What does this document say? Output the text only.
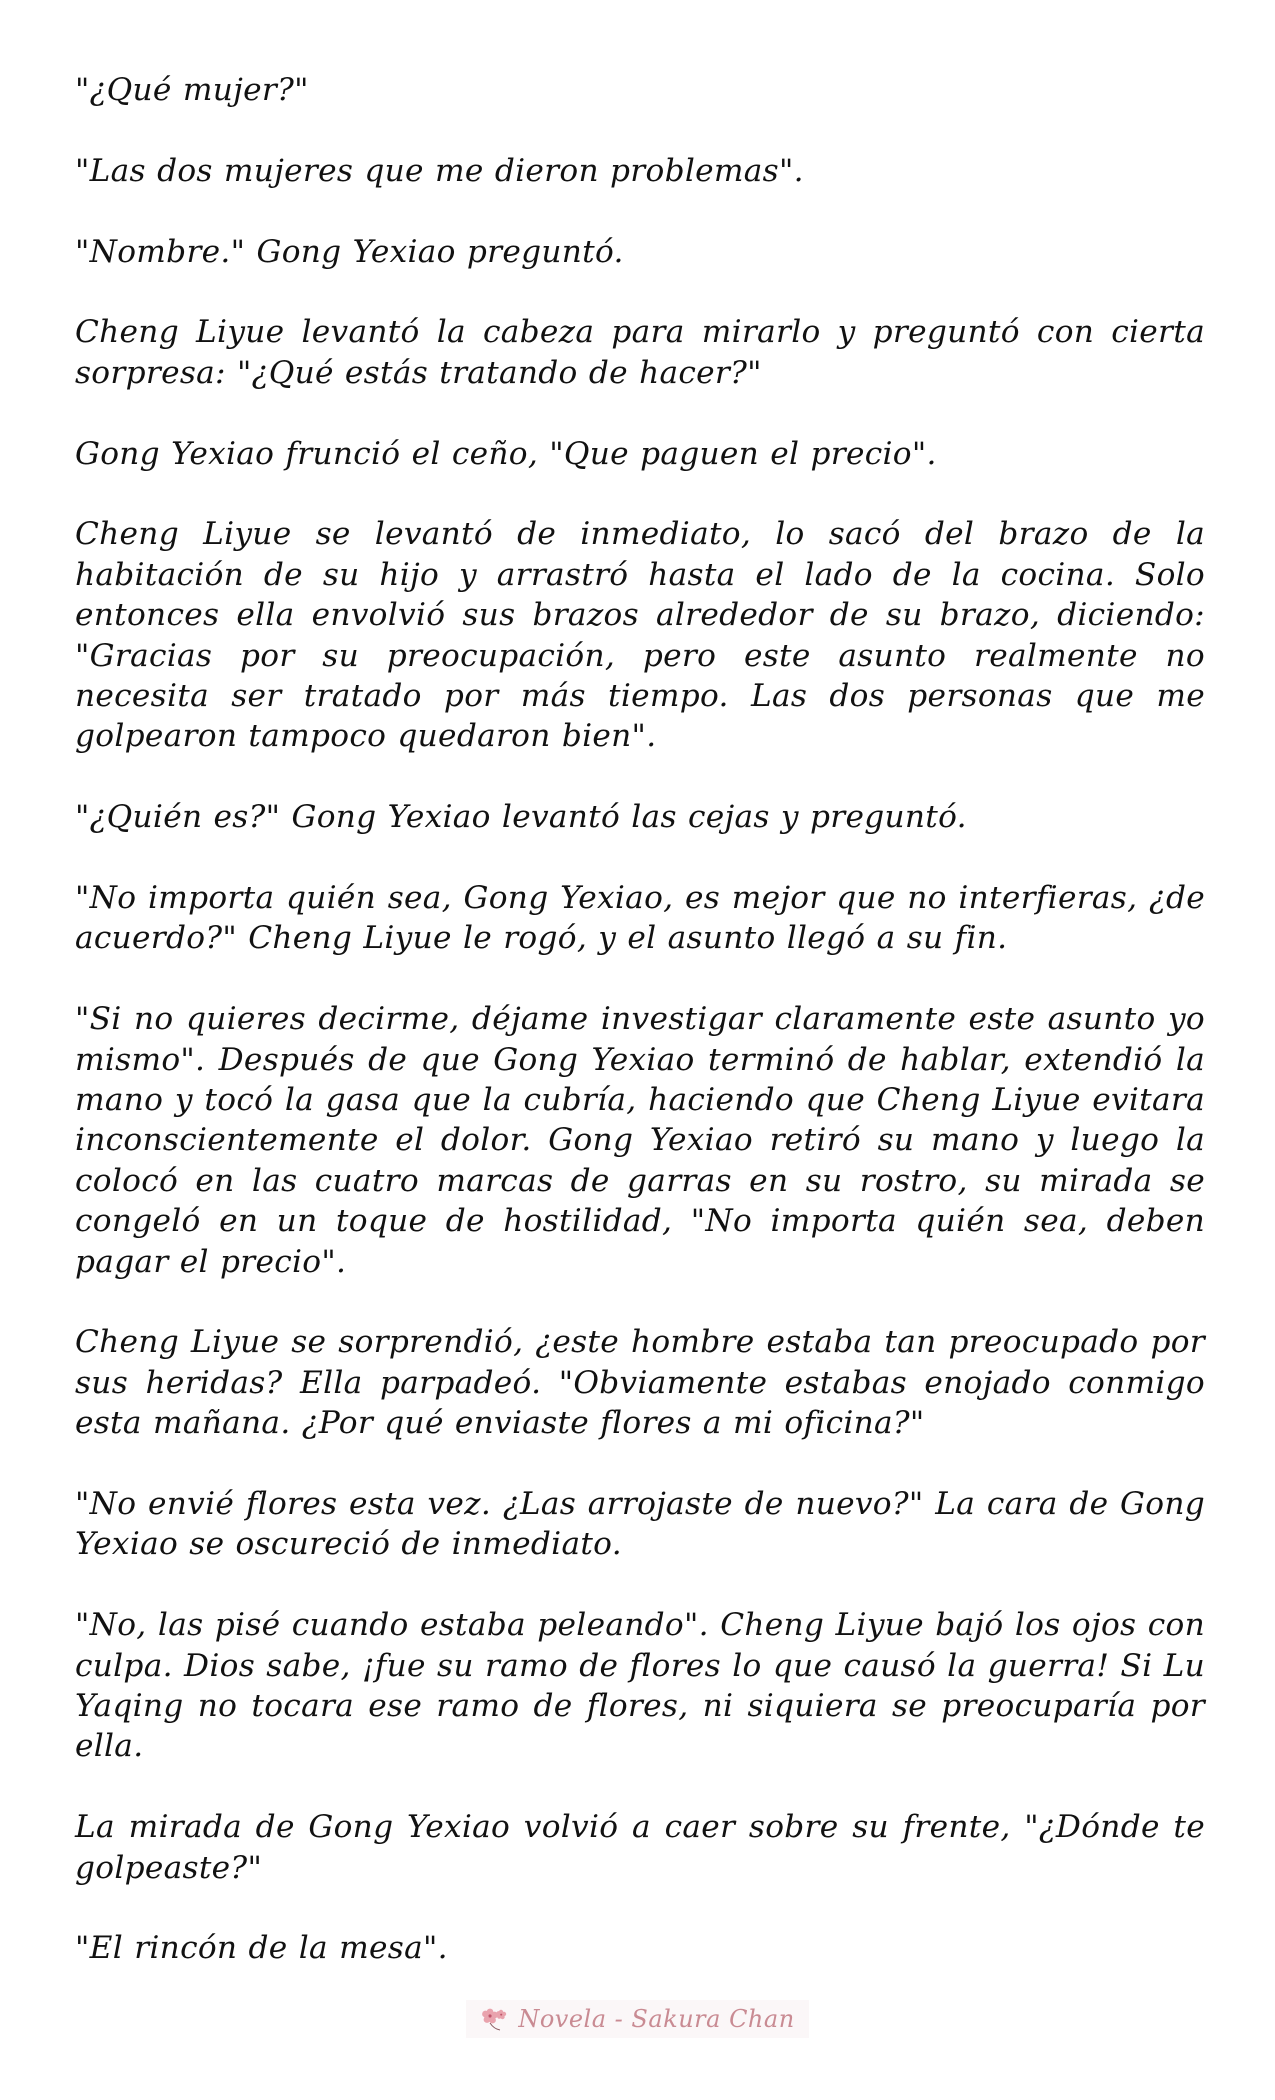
"¿Qué mujer?"

"Las dos mujeres que me dieron problemas".

"Nombre." Gong Yexiao preguntó.

Cheng Liyue levantó la cabeza para mirarlo y preguntó con cierta sorpresa: "¿Qué estás tratando de hacer?"

Gong Yexiao frunció el ceño, "Que paguen el precio".

Cheng Liyue se levantó de inmediato, lo sacó del brazo de la habitación de su hijo y arrastró hasta el lado de la cocina. Solo entonces ella envolvió sus brazos alrededor de su brazo, diciendo: "Gracias por su preocupación, pero este asunto realmente no necesita ser tratado por más tiempo. Las dos personas que me golpearon tampoco quedaron bien".

"¿Quién es?" Gong Yexiao levantó las cejas y preguntó.

"No importa quién sea, Gong Yexiao, es mejor que no interfieras, ¿de acuerdo?" Cheng Liyue le rogó, y el asunto llegó a su fin.

"Si no quieres decirme, déjame investigar claramente este asunto yo mismo". Después de que Gong Yexiao terminó de hablar, extendió la mano y tocó la gasa que la cubría, haciendo que Cheng Liyue evitara inconscientemente el dolor. Gong Yexiao retiró su mano y luego la colocó en las cuatro marcas de garras en su rostro, su mirada se congeló en un toque de hostilidad, "No importa quién sea, deben pagar el precio".

Cheng Liyue se sorprendió, ¿este hombre estaba tan preocupado por sus heridas? Ella parpadeó. "Obviamente estabas enojado conmigo esta mañana. ¿Por qué enviaste flores a mi oficina?"

"No envié flores esta vez. ¿Las arrojaste de nuevo?" La cara de Gong Yexiao se oscureció de inmediato.

"No, las pisé cuando estaba peleando". Cheng Liyue bajó los ojos con culpa. Dios sabe, ¡fue su ramo de flores lo que causó la guerra! Si Lu Yaqing no tocara ese ramo de flores, ni siquiera se preocuparía por ella.

La mirada de Gong Yexiao volvió a caer sobre su frente, "¿Dónde te golpeaste?"

"El rincón de la mesa".

Novela - Sakura Chan
